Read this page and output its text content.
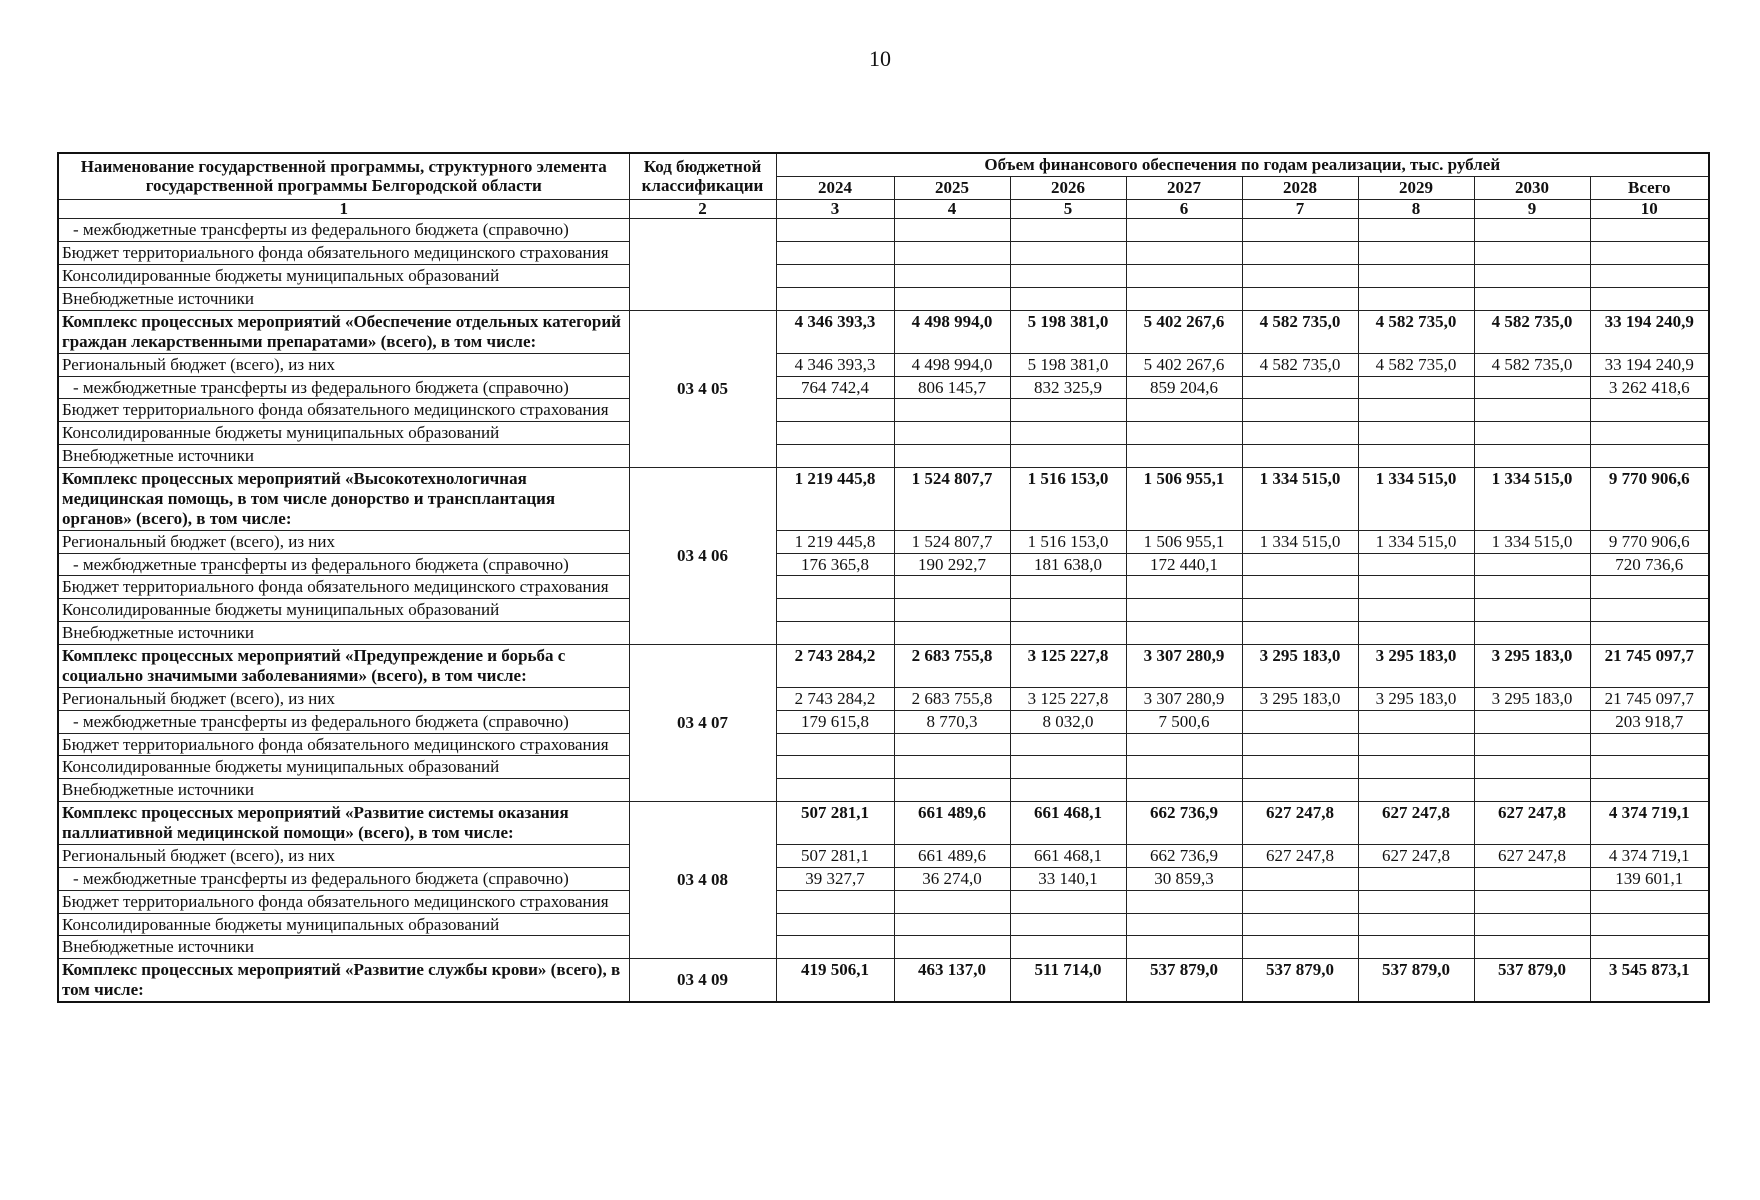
10
Наименование государственной программы, структурного элемента государственной программы Белгородской области	Код бюджетной классификации	Объем финансового обеспечения по годам реализации, тыс. рублей							
		2024	2025	2026	2027	2028	2029	2030	Всего
1	2	3	4	5	6	7	8	9	10
- межбюджетные трансферты из федерального бюджета (справочно)									
Бюджет территориального фонда обязательного медицинского страхования									
Консолидированные бюджеты муниципальных образований									
Внебюджетные источники									
Комплекс процессных мероприятий «Обеспечение отдельных категорий граждан лекарственными препаратами» (всего), в том числе:	03 4 05	4 346 393,3	4 498 994,0	5 198 381,0	5 402 267,6	4 582 735,0	4 582 735,0	4 582 735,0	33 194 240,9
Региональный бюджет (всего), из них		4 346 393,3	4 498 994,0	5 198 381,0	5 402 267,6	4 582 735,0	4 582 735,0	4 582 735,0	33 194 240,9
- межбюджетные трансферты из федерального бюджета (справочно)		764 742,4	806 145,7	832 325,9	859 204,6				3 262 418,6
Бюджет территориального фонда обязательного медицинского страхования									
Консолидированные бюджеты муниципальных образований									
Внебюджетные источники									
Комплекс процессных мероприятий «Высокотехнологичная медицинская помощь, в том числе донорство и трансплантация органов» (всего), в том числе:	03 4 06	1 219 445,8	1 524 807,7	1 516 153,0	1 506 955,1	1 334 515,0	1 334 515,0	1 334 515,0	9 770 906,6
Региональный бюджет (всего), из них		1 219 445,8	1 524 807,7	1 516 153,0	1 506 955,1	1 334 515,0	1 334 515,0	1 334 515,0	9 770 906,6
- межбюджетные трансферты из федерального бюджета (справочно)		176 365,8	190 292,7	181 638,0	172 440,1				720 736,6
Бюджет территориального фонда обязательного медицинского страхования									
Консолидированные бюджеты муниципальных образований									
Внебюджетные источники									
Комплекс процессных мероприятий «Предупреждение и борьба с социально значимыми заболеваниями» (всего), в том числе:	03 4 07	2 743 284,2	2 683 755,8	3 125 227,8	3 307 280,9	3 295 183,0	3 295 183,0	3 295 183,0	21 745 097,7
Региональный бюджет (всего), из них		2 743 284,2	2 683 755,8	3 125 227,8	3 307 280,9	3 295 183,0	3 295 183,0	3 295 183,0	21 745 097,7
- межбюджетные трансферты из федерального бюджета (справочно)		179 615,8	8 770,3	8 032,0	7 500,6				203 918,7
Бюджет территориального фонда обязательного медицинского страхования									
Консолидированные бюджеты муниципальных образований									
Внебюджетные источники									
Комплекс процессных мероприятий «Развитие системы оказания паллиативной медицинской помощи» (всего), в том числе:	03 4 08	507 281,1	661 489,6	661 468,1	662 736,9	627 247,8	627 247,8	627 247,8	4 374 719,1
Региональный бюджет (всего), из них		507 281,1	661 489,6	661 468,1	662 736,9	627 247,8	627 247,8	627 247,8	4 374 719,1
- межбюджетные трансферты из федерального бюджета (справочно)		39 327,7	36 274,0	33 140,1	30 859,3				139 601,1
Бюджет территориального фонда обязательного медицинского страхования									
Консолидированные бюджеты муниципальных образований									
Внебюджетные источники									
Комплекс процессных мероприятий «Развитие службы крови» (всего), в том числе:	03 4 09	419 506,1	463 137,0	511 714,0	537 879,0	537 879,0	537 879,0	537 879,0	3 545 873,1
